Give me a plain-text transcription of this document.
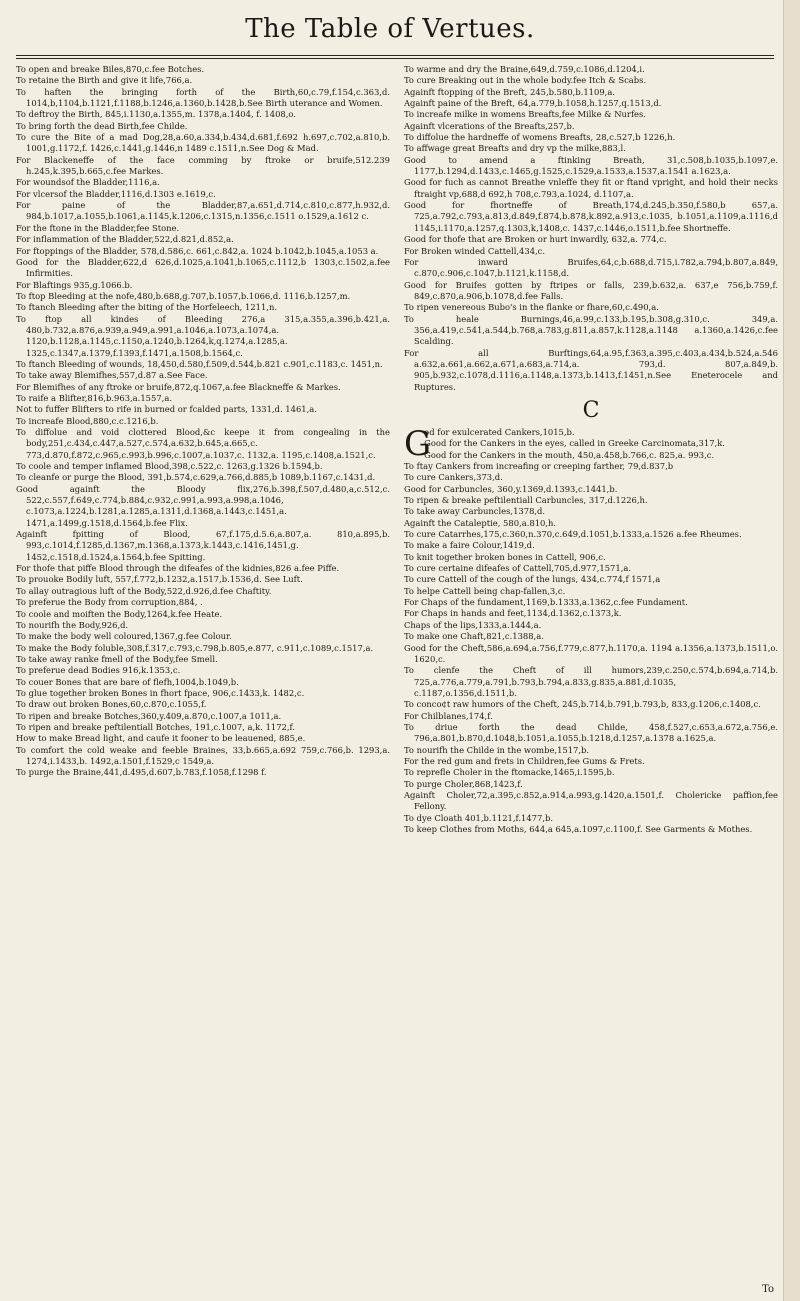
The Table of Vertues.

To open and breake Biles,870,c.fee Botches.

To retaine the Birth and give it life,766,a.

To haften the bringing forth of the Birth,60,c.79,f.154,c.363,d. 1014,b,1104,b.1121,f.1188,b.1246,a.1360,b.1428,b.See Birth uterance and Women.

To deftroy the Birth, 845,i.1130,a.1355,m. 1378,a.1404, f. 1408,o.

To bring forth the dead Birth,fee Childe.

To cure the Bite of a mad Dog,28,a.60,a.334,b.434,d.681,f.692 h.697,c.702,a.810,b. 1001,g.1172,f. 1426,c.1441,g.1446,n 1489 c.1511,n.See Dog & Mad.

For Blackeneffe of the face comming by ftroke or bruife,512.239 h.245,k.395,b.665,c.fee Markes.

For woundsof the Bladder,1116,a.

For vlcersof the Bladder,1116,d.1303 e.1619,c.

For paine of the Bladder,87,a.651,d.714,c.810,c.877,h.932,d. 984,b.1017,a.1055,b.1061,a.1145,k.1206,c.1315,n.1356,c.1511 o.1529,a.1612 c.

For the ftone in the Bladder,fee Stone.

For inflammation of the Bladder,522,d.821,d.852,a.

For ftoppings of the Bladder, 578,d.586,c. 661,c.842,a. 1024 b.1042,b.1045,a.1053 a.

Good for the Bladder,622,d 626,d.1025,a.1041,b.1065,c.1112,b 1303,c.1502,a.fee Infirmities.

For Blaftings 935,g.1066.b.

To ftop Bleeding at the nofe,480,b.688,g.707,b.1057,b.1066,d. 1116,b.1257,m.

To ftanch Bleeding after the biting of the Horfeleech, 1211,n.

To ftop all kindes of Bleeding 276,a 315,a.355,a.396,b.421,a. 480,b.732,a.876,a.939,a.949,a.991,a.1046,a.1073,a.1074,a. 1120,b.1128,a.1145,c.1150,a.1240,b.1264,k,q.1274,a.1285,a. 1325,c.1347,a.1379,f.1393,f.1471,a.1508,b.1564,c.

To ftanch Bleeding of wounds, 18,450,d.580,f.509,d.544,b.821 c.901,c.1183,c. 1451,n.

To take away Blemifhes,557,d.87 a.See Face.

For Blemifhes of any ftroke or bruife,872,q.1067,a.fee Blackneffe & Markes.

To raife a Blifter,816,b.963,a.1557,a.

Not to fuffer Blifters to rife in burned or fcalded parts, 1331,d. 1461,a.

To increafe Blood,880,c.c.1216,b.

To diffolue and void clottered Blood,&c keepe it from congealing in the body,251,c.434,c.447,a.527,c.574,a.632,b.645,a.665,c. 773,d.870,f.872,c.965,c.993,b.996,c.1007,a.1037,c. 1132,a. 1195,c.1408,a.1521,c.

To coole and temper inflamed Blood,398,c.522,c. 1263,g.1326 b.1594,b.

To cleanfe or purge the Blood, 391,b.574,c.629,a.766,d.885,b 1089,b.1167,c.1431,d.

Good againft the Bloody flix,276,b.398,f.507,d.480,a,c.512,c. 522,c.557,f.649,c.774,b.884,c.932,c.991,a.993,a.998,a.1046, c.1073,a.1224,b.1281,a.1285,a.1311,d.1368,a.1443,c.1451,a. 1471,a.1499,g.1518,d.1564,b.fee Flix.

Againft fpitting of Blood, 67,f.175,d.5.6,a.807,a. 810,a.895,b. 993,c.1014,f.1285,d.1367,m.1368,a.1373,k.1443,c.1416,1451,g. 1452,c.1518,d.1524,a.1564,b.fee Spitting.

For thofe that piffe Blood through the difeafes of the kidnies,826 a.fee Piffe.

To prouoke Bodily luft, 557,f.772,b.1232,a.1517,b.1536,d. See Luft.

To allay outragious luft of the Body,522,d.926,d.fee Chaftity.

To preferue the Body from corruption,884, .

To coole and moiften the Body,1264,k.fee Heate.

To nourifh the Body,926,d.

To make the body well coloured,1367,g.fee Colour.

To make the Body foluble,308,f.317,c.793,c.798,b.805,e.877, c.911,c.1089,c.1517,a.

To take away ranke fmell of the Body,fee Smell.

To preferue dead Bodies 916,k.1353,c.

To couer Bones that are bare of flefh,1004,b.1049,b.

To glue together broken Bones in fhort fpace, 906,c.1433,k. 1482,c.

To draw out broken Bones,60,c.870,c.1055,f.

To ripen and breake Botches,360,y.409,a.870,c.1007,a 1011,a.

To ripen and breake peftilentiall Botches, 191,c.1007, a,k. 1172,f.

How to make Bread light, and caufe it fooner to be leauened, 885,e.

To comfort the cold weake and feeble Braines, 33,b.665,a.692 759,c.766,b. 1293,a. 1274,i.1433,b. 1492,a.1501,f.1529,c 1549,a.

To purge the Braine,441,d.495,d.607,b.783,f.1058,f.1298 f.

To warme and dry the Braine,649,d.759,c.1086,d.1204,i.

To cure Breaking out in the whole body.fee Itch & Scabs.

Againft ftopping of the Breft, 245,b.580,b.1109,a.

Againft paine of the Breft, 64,a.779,b.1058,h.1257,q.1513,d.

To increafe milke in womens Breafts,fee Milke & Nurfes.

Againft vlcerations of the Breafts,257,b.

To diffolue the hardneffe of womens Breafts, 28,c.527,b 1226,h.

To affwage great Breafts and dry vp the milke,883,l.

Good to amend a ftinking Breath, 31,c.508,b.1035,b.1097,e. 1177,b.1294,d.1433,c.1465,g.1525,c.1529,a.1533,a.1537,a.1541 a.1623,a.

Good for fuch as cannot Breathe vnleffe they fit or ftand vpright, and hold their necks ftraight vp,688,d 692,h 708,c.793,a.1024, d.1107,a.

Good for fhortneffe of Breath,174,d.245,b.350,f.580,b 657,a. 725,a.792,c.793,a.813,d.849,f.874,b.878,k.892,a.913,c.1035, b.1051,a.1109,a.1116,d 1145,i.1170,a.1257,q.1303,k,1408,c. 1437,c.1446,o.1511,b.fee Shortneffe.

Good for thofe that are Broken or hurt inwardly, 632,a. 774,c.

For Broken winded Cattell,434,c.

For inward Bruifes,64,c,b.688,d.715,i.782,a.794,b.807,a.849, c.870,c.906,c.1047,b.1121,k.1158,d.

Good for Bruifes gotten by ftripes or falls, 239,b.632,a. 637,e 756,b.759,f. 849,c.870,a.906,b.1078,d.fee Falls.

To ripen venereous Bubo's in the flanke or fhare,60,c.490,a.

To heale Burnings,46,a.99,c.133,b.195,b.308,g.310,c. 349,a. 356,a.419,c.541,a.544,b.768,a.783,g.811,a.857,k.1128,a.1148 a.1360,a.1426,c.fee Scalding.

For all Burftings,64,a.95,f.363,a.395,c.403,a.434,b.524,a.546 a.632,a.661,a.662,a.671,a.683,a.714,a. 793,d. 807,a.849,b. 905,b.932,c.1078,d.1116,a.1148,a.1373,b.1413,f.1451,n.See Eneterocele and Ruptures.

C

G
od for exulcerated Cankers,1015,b.

Good for the Cankers in the eyes, called in Greeke Carcinomata,317,k.

Good for the Cankers in the mouth, 450,a.458,b.766,c. 825,a. 993,c.

To ftay Cankers from increafing or creeping farther, 79,d.837,b

To cure Cankers,373,d.

Good for Carbuncles, 360,y.1369,d.1393,c.1441,b.

To ripen & breake peftilentiall Carbuncles, 317,d.1226,h.

To take away Carbuncles,1378,d.

Againft the Cataleptie, 580,a.810,h.

To cure Catarrhes,175,c.360,n.370,c.649,d.1051,b.1333,a.1526 a.fee Rheumes.

To make a faire Colour,1419,d.

To knit together broken bones in Cattell, 906,c.

To cure certaine difeafes of Cattell,705,d.977,1571,a.

To cure Cattell of the cough of the lungs, 434,c.774,f 1571,a

To helpe Cattell being chap-fallen,3,c.

For Chaps of the fundament,1169,b.1333,a.1362,c.fee Fundament.

For Chaps in hands and feet,1134,d.1362,c.1373,k.

Chaps of the lips,1333,a.1444,a.

To make one Chaft,821,c.1388,a.

Good for the Cheft,586,a.694,a.756,f.779,c.877,h.1170,a. 1194 a.1356,a.1373,b.1511,o. 1620,c.

To clenfe the Cheft of ill humors,239,c.250,c.574,b.694,a.714,b. 725,a.776,a.779,a.791,b.793,b.794,a.833,g.835,a.881,d.1035, c.1187,o.1356,d.1511,b.

To conco¢t raw humors of the Cheft, 245,b.714,b.791,b.793,b, 833,g.1206,c.1408,c.

For Chilblanes,174,f.

To driue forth the dead Childe, 458,f.527,c.653,a.672,a.756,e. 796,a.801,b.870,d.1048,b.1051,a.1055,b.1218,d.1257,a.1378 a.1625,a.

To nourifh the Childe in the wombe,1517,b.

For the red gum and frets in Children,fee Gums & Frets.

To reprefle Choler in the ftomacke,1465,i.1595,b.

To purge Choler,868,1423,f.

Againft Choler,72,a.395,c.852,a.914,a.993,g.1420,a.1501,f. Cholericke paffion,fee Fellony.

To dye Cloath 401,b.1121,f.1477,b.

To keep Clothes from Moths, 644,a 645,a.1097,c.1100,f. See Garments & Mothes.

To
